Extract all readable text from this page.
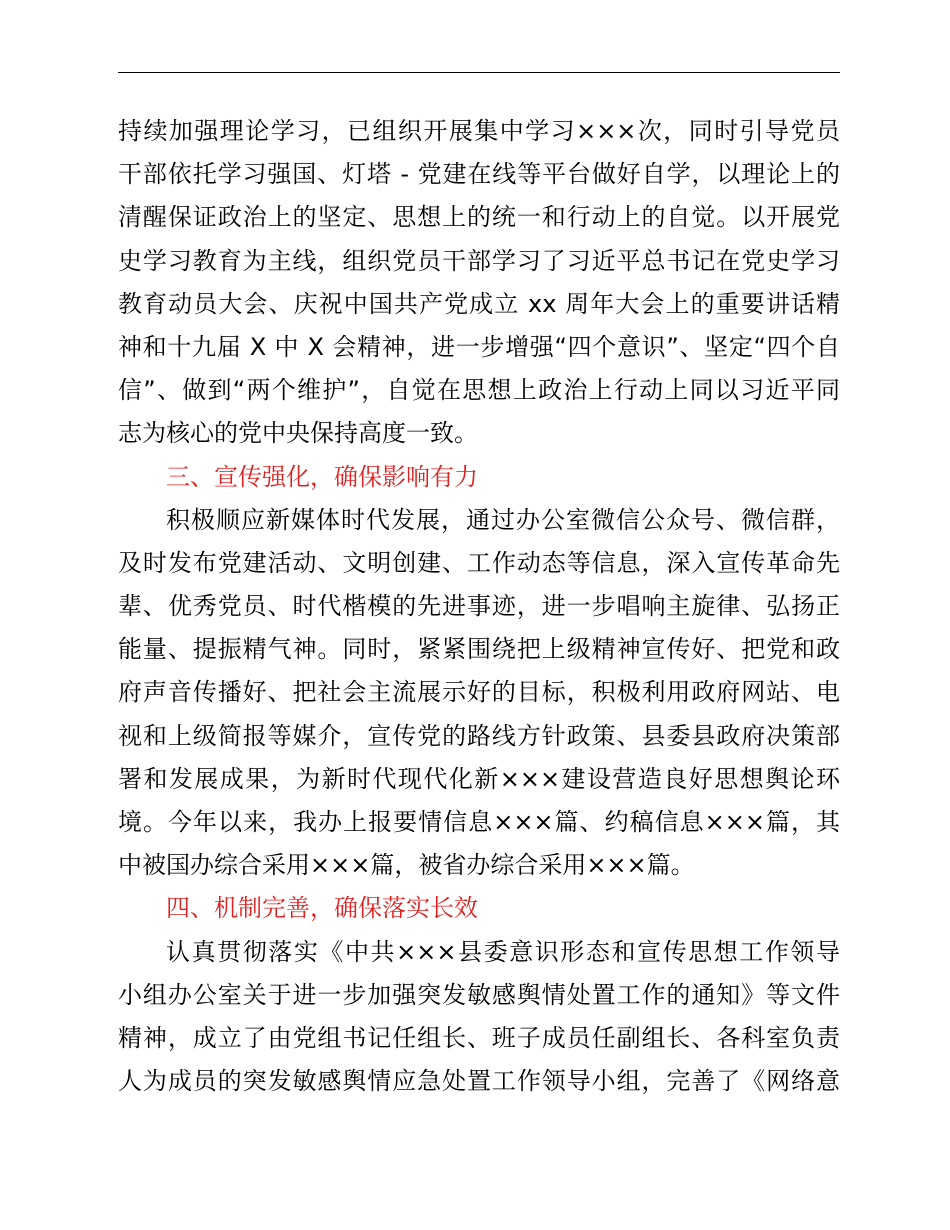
持续加强理论学习，已组织开展集中学习×××次，同时引导党员
干部依托学习强国、灯塔 - 党建在线等平台做好自学，以理论上的
清醒保证政治上的坚定、思想上的统一和行动上的自觉。以开展党
史学习教育为主线，组织党员干部学习了习近平总书记在党史学习
教育动员大会、庆祝中国共产党成立 xx 周年大会上的重要讲话精
神和十九届 X 中 X 会精神，进一步增强“四个意识”、坚定“四个自
信”、做到“两个维护”，自觉在思想上政治上行动上同以习近平同
志为核心的党中央保持高度一致。
三、宣传强化，确保影响有力
积极顺应新媒体时代发展，通过办公室微信公众号、微信群，
及时发布党建活动、文明创建、工作动态等信息，深入宣传革命先
辈、优秀党员、时代楷模的先进事迹，进一步唱响主旋律、弘扬正
能量、提振精气神。同时，紧紧围绕把上级精神宣传好、把党和政
府声音传播好、把社会主流展示好的目标，积极利用政府网站、电
视和上级简报等媒介，宣传党的路线方针政策、县委县政府决策部
署和发展成果，为新时代现代化新×××建设营造良好思想舆论环
境。今年以来，我办上报要情信息×××篇、约稿信息×××篇，其
中被国办综合采用×××篇，被省办综合采用×××篇。
四、机制完善，确保落实长效
认真贯彻落实《中共×××县委意识形态和宣传思想工作领导
小组办公室关于进一步加强突发敏感舆情处置工作的通知》等文件
精神，成立了由党组书记任组长、班子成员任副组长、各科室负责
人为成员的突发敏感舆情应急处置工作领导小组，完善了《网络意
